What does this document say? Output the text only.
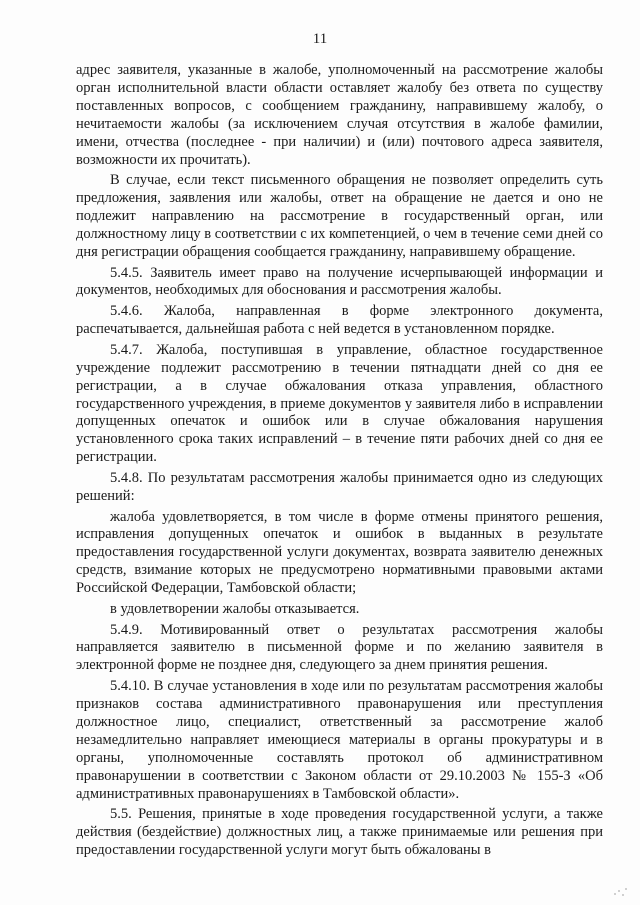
11

адрес заявителя, указанные в жалобе, уполномоченный на рассмотрение жалобы орган исполнительной власти области оставляет жалобу без ответа по существу поставленных вопросов, с сообщением гражданину, направившему жалобу, о нечитаемости жалобы (за исключением случая отсутствия в жалобе фамилии, имени, отчества (последнее - при наличии) и (или) почтового адреса заявителя, возможности их прочитать).

В случае, если текст письменного обращения не позволяет определить суть предложения, заявления или жалобы, ответ на обращение не дается и оно не подлежит направлению на рассмотрение в государственный орган, или должностному лицу в соответствии с их компетенцией, о чем в течение семи дней со дня регистрации обращения сообщается гражданину, направившему обращение.

5.4.5. Заявитель имеет право на получение исчерпывающей информации и документов, необходимых для обоснования и рассмотрения жалобы.

5.4.6. Жалоба, направленная в форме электронного документа, распечатывается, дальнейшая работа с ней ведется в установленном порядке.

5.4.7. Жалоба, поступившая в управление, областное государственное учреждение подлежит рассмотрению в течении пятнадцати дней со дня ее регистрации, а в случае обжалования отказа управления, областного государственного учреждения, в приеме документов у заявителя либо в исправлении допущенных опечаток и ошибок или в случае обжалования нарушения установленного срока таких исправлений – в течение пяти рабочих дней со дня ее регистрации.

5.4.8. По результатам рассмотрения жалобы принимается одно из следующих решений:

жалоба удовлетворяется, в том числе в форме отмены принятого решения, исправления допущенных опечаток и ошибок в выданных в результате предоставления государственной услуги документах, возврата заявителю денежных средств, взимание которых не предусмотрено нормативными правовыми актами Российской Федерации, Тамбовской области;

в удовлетворении жалобы отказывается.

5.4.9. Мотивированный ответ о результатах рассмотрения жалобы направляется заявителю в письменной форме и по желанию заявителя в электронной форме не позднее дня, следующего за днем принятия решения.

5.4.10. В случае установления в ходе или по результатам рассмотрения жалобы признаков состава административного правонарушения или преступления должностное лицо, специалист, ответственный за рассмотрение жалоб незамедлительно направляет имеющиеся материалы в органы прокуратуры и в органы, уполномоченные составлять протокол об административном правонарушении в соответствии с Законом области от 29.10.2003 № 155-З «Об административных правонарушениях в Тамбовской области».

5.5. Решения, принятые в ходе проведения государственной услуги, а также действия (бездействие) должностных лиц, а также принимаемые или решения при предоставлении государственной услуги могут быть обжалованы в
